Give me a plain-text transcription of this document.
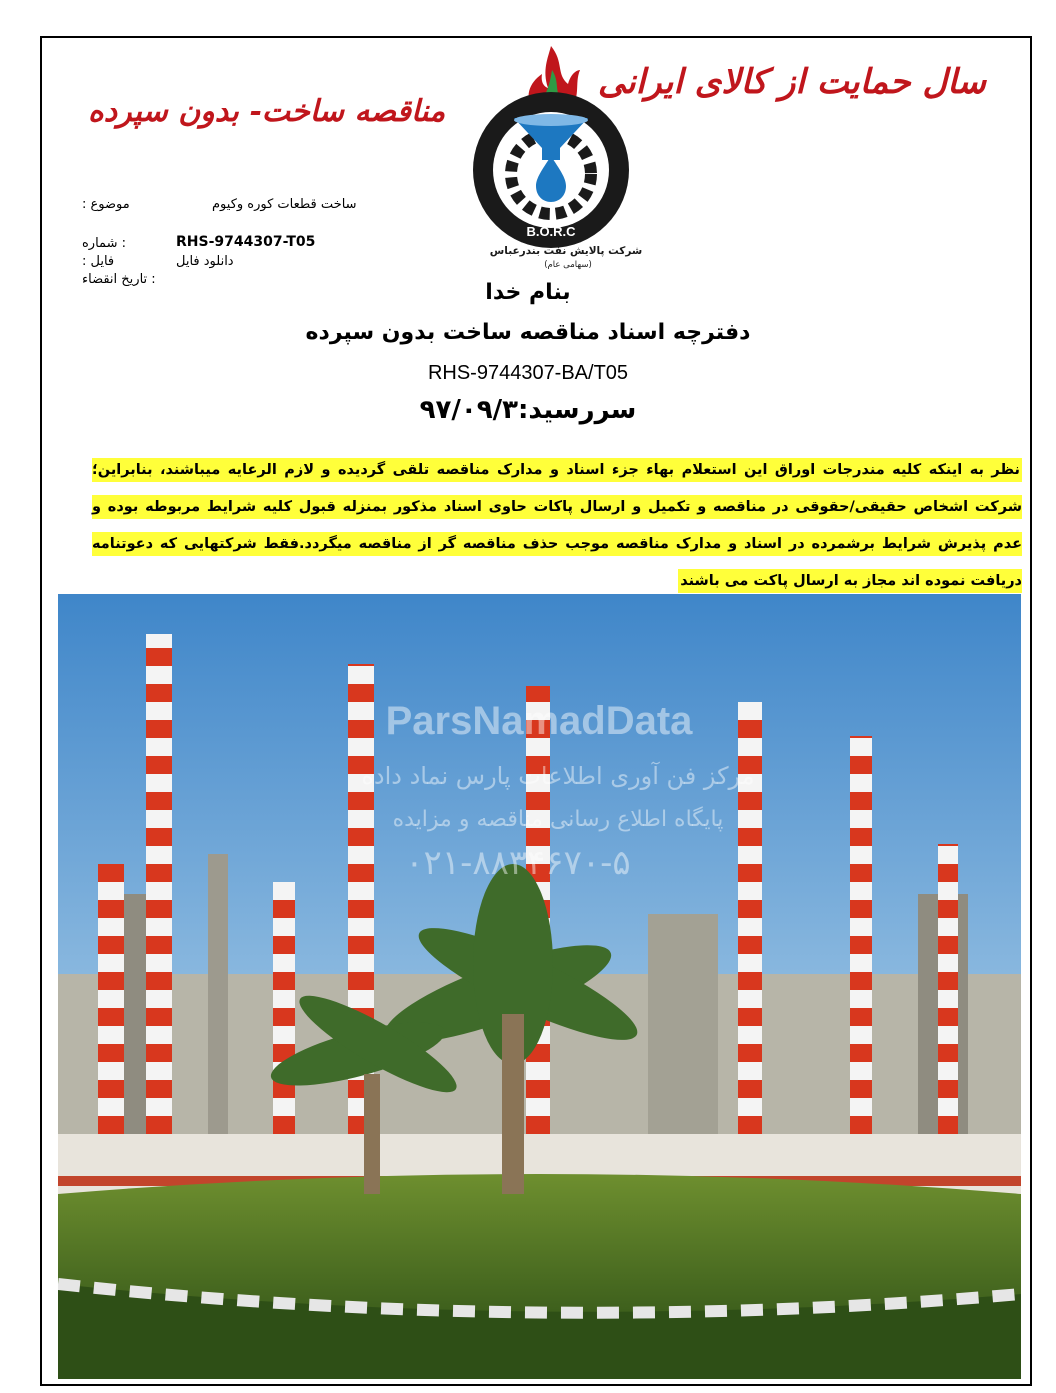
سال حمایت از کالای ایرانی
مناقصه ساخت- بدون سپرده
B.O.R.C
شرکت پالایش نفت بندرعباس
(سهامی عام)
موضوع :	ساخت قطعات کوره وکیوم
: شماره	RHS-9744307-T05
فایل :	دانلود فایل
: تاریخ انقضاء
بنام خدا
دفترچه اسناد مناقصه ساخت بدون سپرده
RHS-9744307-BA/T05
سررسید:۹۷/۰۹/۳
نظر به اینکه کلیه مندرجات اوراق این استعلام بهاء جزء اسناد و مدارک مناقصه تلقی گردیده و لازم الرعایه میباشند، بنابراین؛ شرکت اشخاص حقیقی/حقوقی در مناقصه و تکمیل و ارسال پاکات حاوی اسناد مذکور بمنزله قبول کلیه شرایط مربوطه بوده و عدم پذیرش شرایط برشمرده در اسناد و مدارک مناقصه موجب حذف مناقصه گر از مناقصه میگردد.فقط شرکتهایی که دعوتنامه دریافت نموده اند مجاز به ارسال پاکت می باشند
ParsNamadData
مرکز فن آوری اطلاعات پارس نماد داده
پایگاه اطلاع رسانی مناقصه و مزایده
۰۲۱-۸۸۳۴۶۷۰-۵
